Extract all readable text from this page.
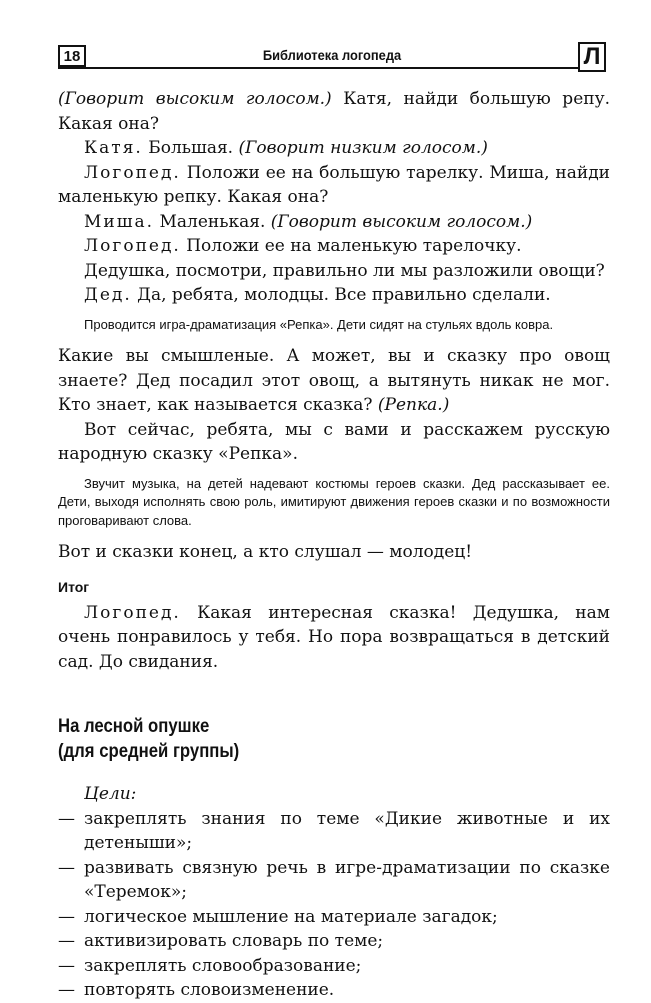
18	Библиотека логопеда	Л

(Говорит высоким голосом.) Катя, найди большую репу. Какая она?

Катя. Большая. (Говорит низким голосом.)

Логопед. Положи ее на большую тарелку. Миша, найди маленькую репку. Какая она?

Миша. Маленькая. (Говорит высоким голосом.)

Логопед. Положи ее на маленькую тарелочку.

Дедушка, посмотри, правильно ли мы разложили овощи?

Дед. Да, ребята, молодцы. Все правильно сделали.

Проводится игра-драматизация «Репка». Дети сидят на стульях вдоль ковра.

Какие вы смышленые. А может, вы и сказку про овощ знаете? Дед посадил этот овощ, а вытянуть никак не мог. Кто знает, как называется сказка? (Репка.)

Вот сейчас, ребята, мы с вами и расскажем русскую народную сказку «Репка».

Звучит музыка, на детей надевают костюмы героев сказки. Дед рассказывает ее. Дети, выходя исполнять свою роль, имитируют движения героев сказки и по возможности проговаривают слова.

Вот и сказки конец, а кто слушал — молодец!

Итог

Логопед. Какая интересная сказка! Дедушка, нам очень понравилось у тебя. Но пора возвращаться в детский сад. До свидания.

На лесной опушке
(для средней группы)

Цели:

— закреплять знания по теме «Дикие животные и их детеныши»;
— развивать связную речь в игре-драматизации по сказке «Теремок»;
— логическое мышление на материале загадок;
— активизировать словарь по теме;
— закреплять словообразование;
— повторять словоизменение.
